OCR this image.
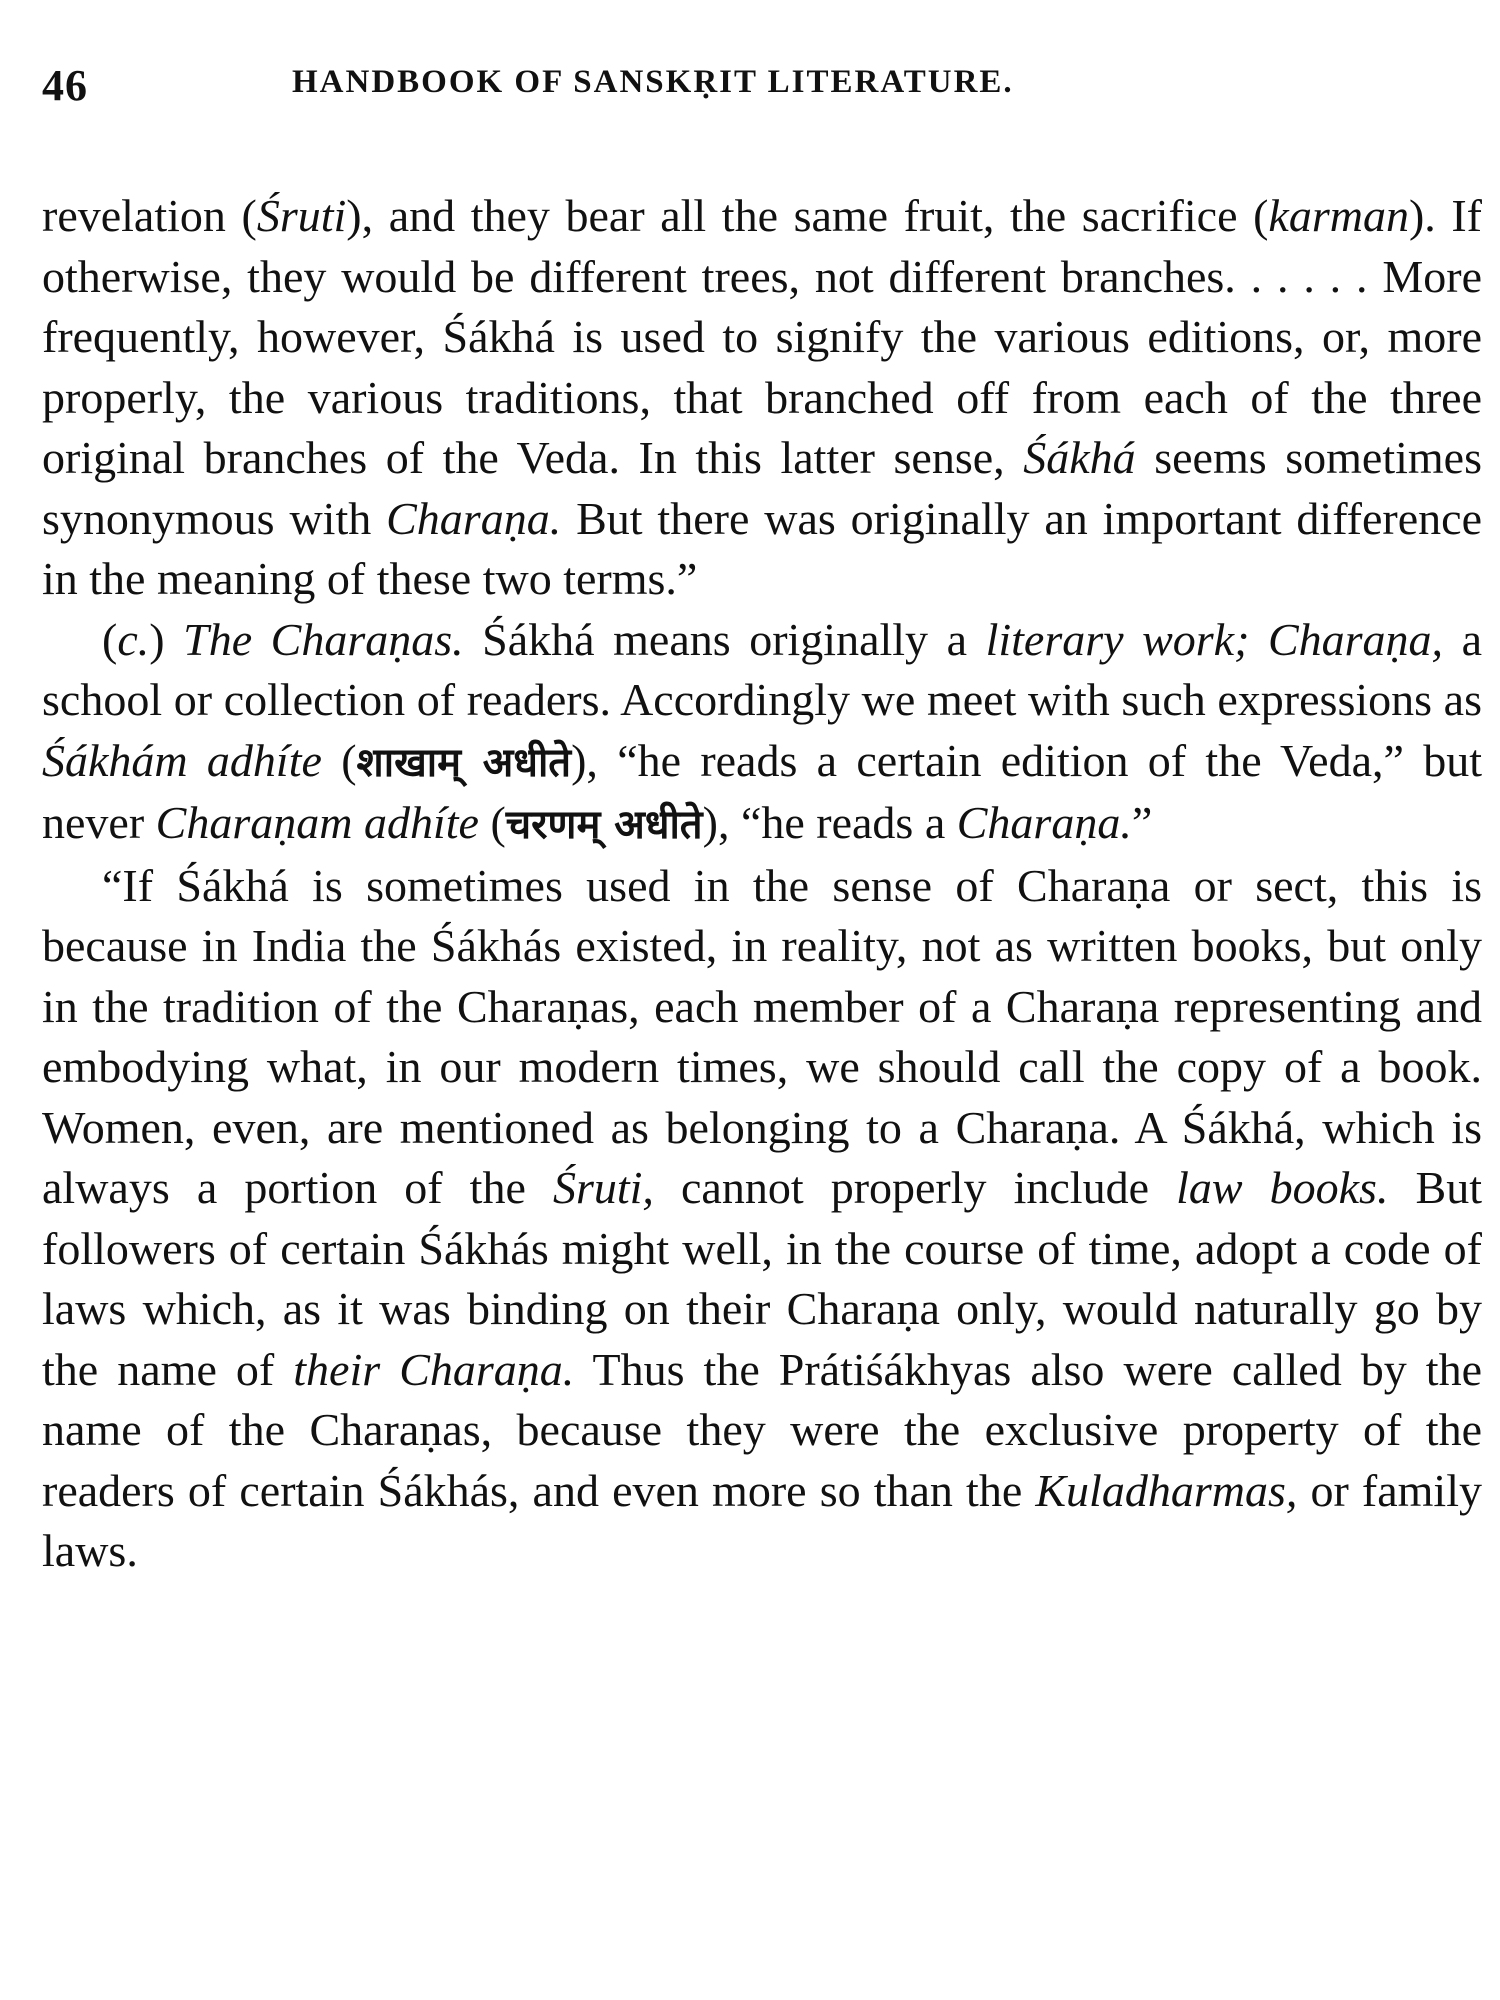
46	HANDBOOK OF SANSKṚIT LITERATURE.

revelation (Śruti), and they bear all the same fruit, the sacrifice (karman). If otherwise, they would be different trees, not different branches. . . . . . More frequently, however, Śákhá is used to signify the various editions, or, more properly, the various traditions, that branched off from each of the three original branches of the Veda. In this latter sense, Śákhá seems sometimes synonymous with Charaṇa. But there was originally an important difference in the meaning of these two terms.”

(c.) The Charaṇas. Śákhá means originally a literary work; Charaṇa, a school or collection of readers. Accordingly we meet with such expressions as Śákhám adhíte (शाखाम् अधीते), “he reads a certain edition of the Veda,” but never Charaṇam adhíte (चरणम् अधीते), “he reads a Charaṇa.”

“If Śákhá is sometimes used in the sense of Charaṇa or sect, this is because in India the Śákhás existed, in reality, not as written books, but only in the tradition of the Charaṇas, each member of a Charaṇa representing and embodying what, in our modern times, we should call the copy of a book. Women, even, are mentioned as belonging to a Charaṇa. A Śákhá, which is always a portion of the Śruti, cannot properly include law books. But followers of certain Śákhás might well, in the course of time, adopt a code of laws which, as it was binding on their Charaṇa only, would naturally go by the name of their Charaṇa. Thus the Prátiśákhyas also were called by the name of the Charaṇas, because they were the exclusive property of the readers of certain Śákhás, and even more so than the Kuladharmas, or family laws.
